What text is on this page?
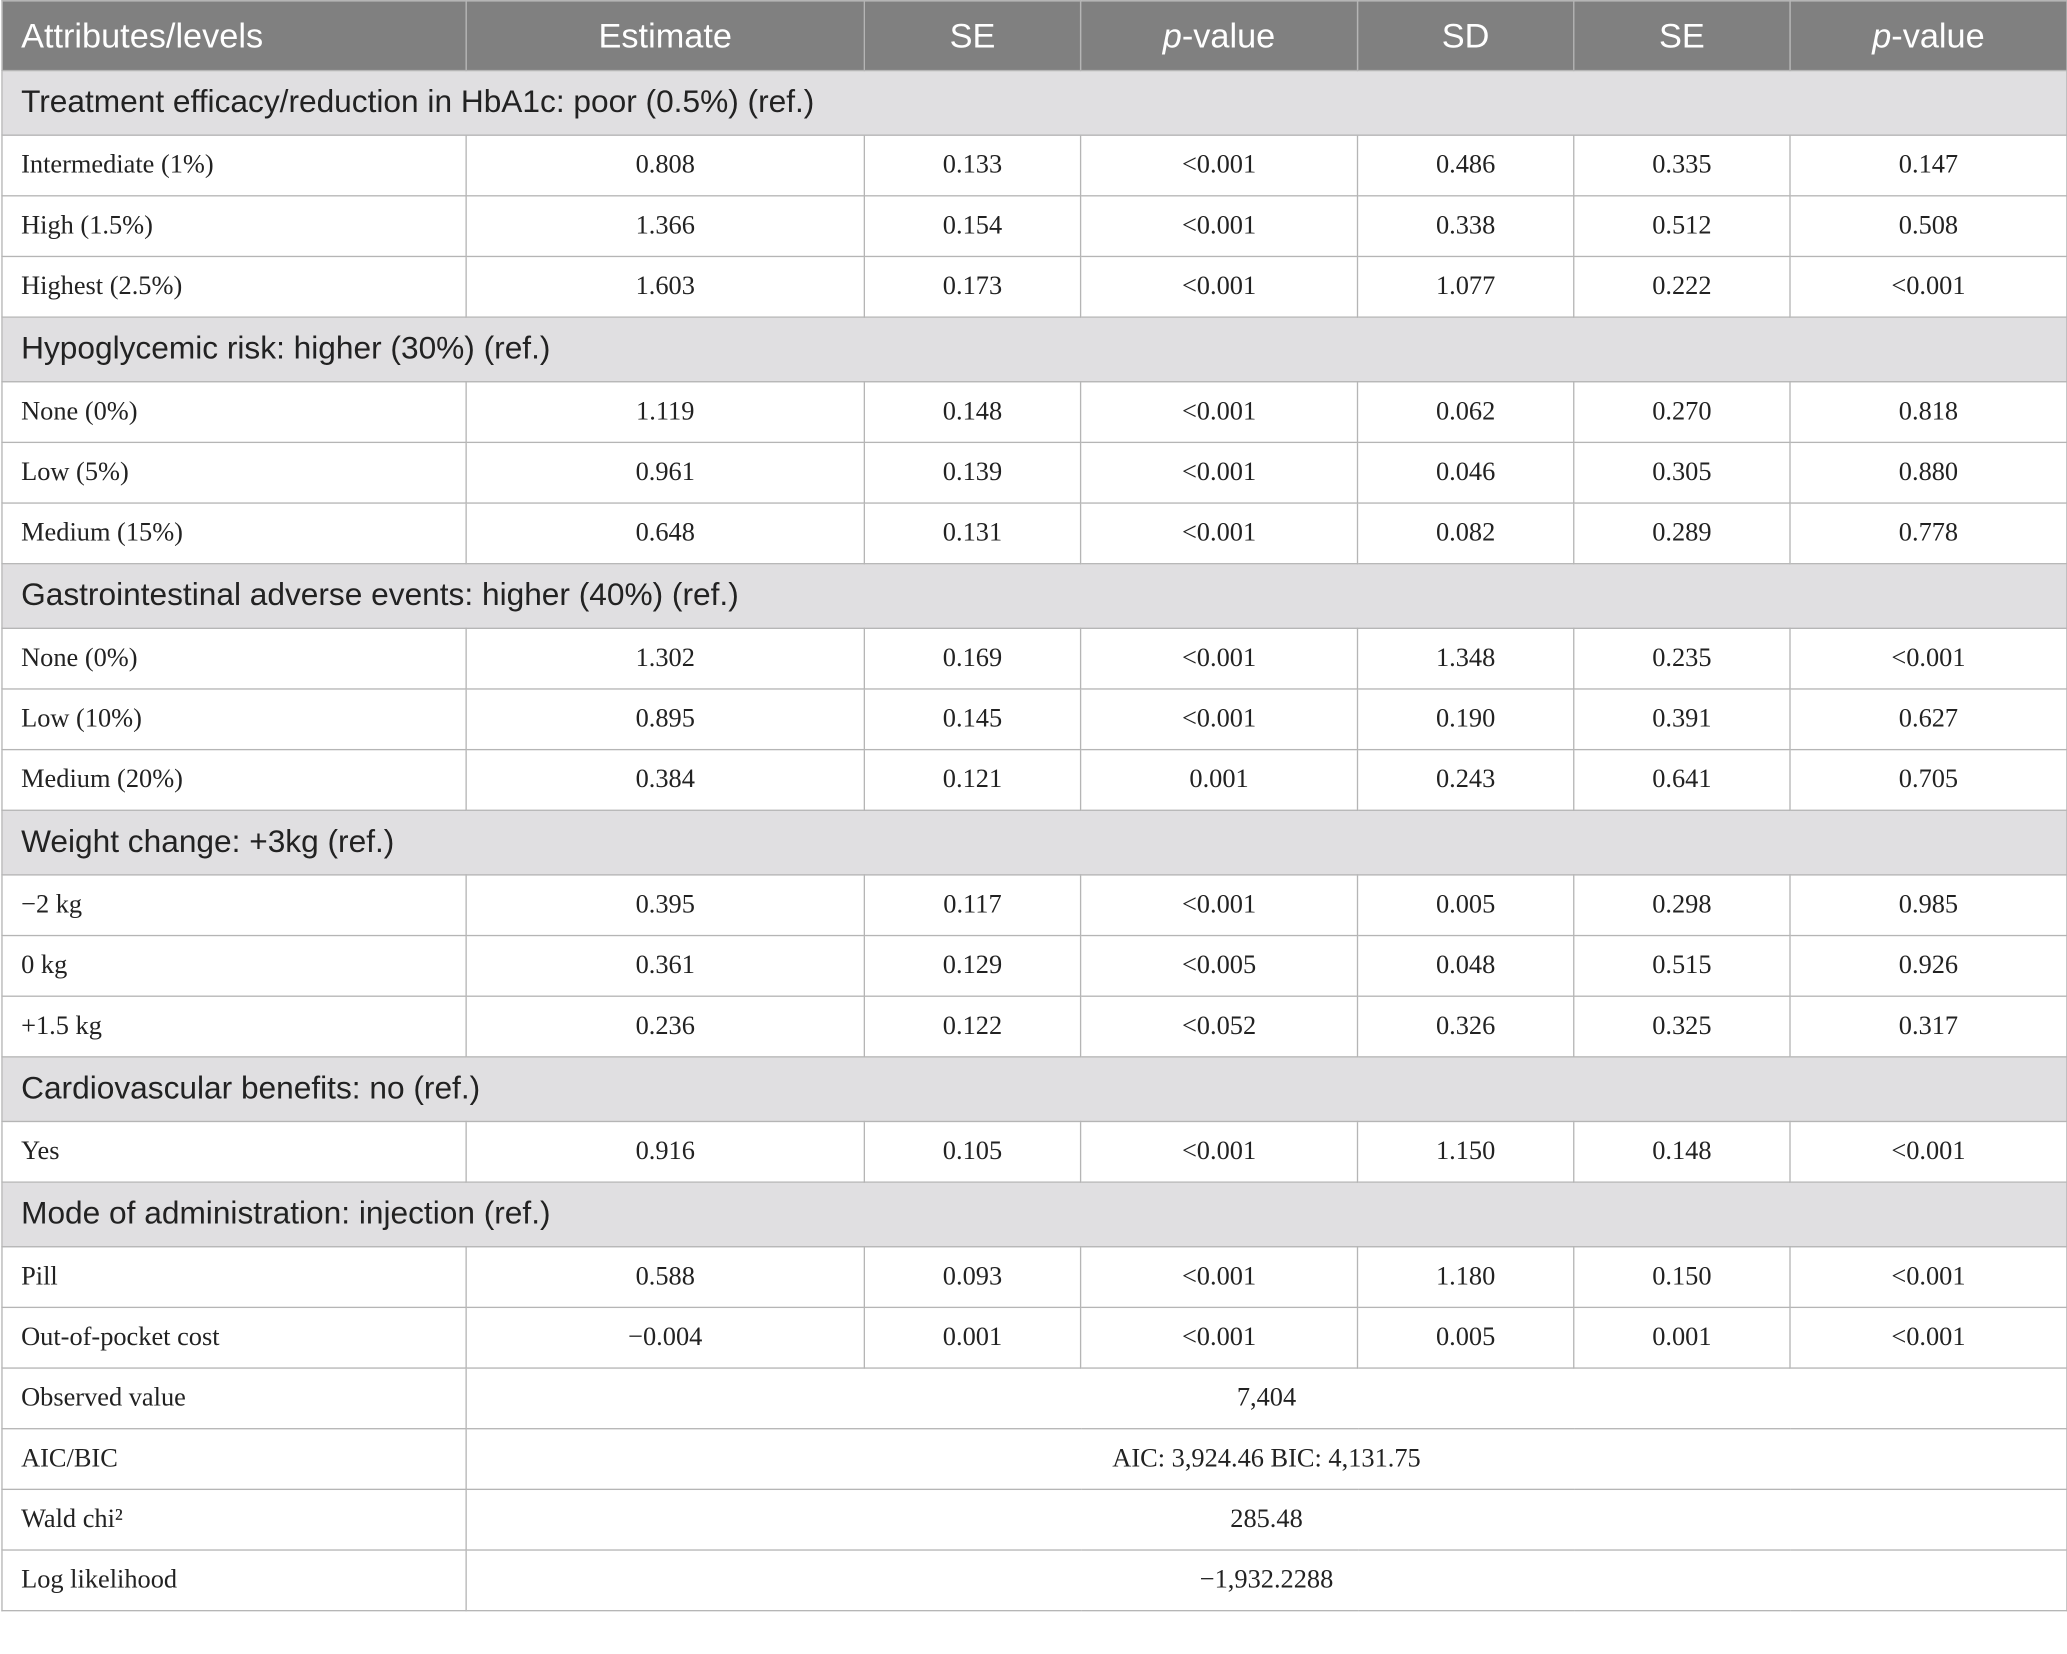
Attributes/levels	Estimate	SE	p-value	SD	SE	p-value
Treatment efficacy/reduction in HbA1c: poor (0.5%) (ref.)						
Intermediate (1%)	0.808	0.133	<0.001	0.486	0.335	0.147
High (1.5%)	1.366	0.154	<0.001	0.338	0.512	0.508
Highest (2.5%)	1.603	0.173	<0.001	1.077	0.222	<0.001
Hypoglycemic risk: higher (30%) (ref.)						
None (0%)	1.119	0.148	<0.001	0.062	0.270	0.818
Low (5%)	0.961	0.139	<0.001	0.046	0.305	0.880
Medium (15%)	0.648	0.131	<0.001	0.082	0.289	0.778
Gastrointestinal adverse events: higher (40%) (ref.)						
None (0%)	1.302	0.169	<0.001	1.348	0.235	<0.001
Low (10%)	0.895	0.145	<0.001	0.190	0.391	0.627
Medium (20%)	0.384	0.121	0.001	0.243	0.641	0.705
Weight change: +3kg (ref.)						
−2 kg	0.395	0.117	<0.001	0.005	0.298	0.985
0 kg	0.361	0.129	<0.005	0.048	0.515	0.926
+1.5 kg	0.236	0.122	<0.052	0.326	0.325	0.317
Cardiovascular benefits: no (ref.)						
Yes	0.916	0.105	<0.001	1.150	0.148	<0.001
Mode of administration: injection (ref.)						
Pill	0.588	0.093	<0.001	1.180	0.150	<0.001
Out-of-pocket cost	−0.004	0.001	<0.001	0.005	0.001	<0.001
Observed value	7,404					
AIC/BIC	AIC: 3,924.46 BIC: 4,131.75					
Wald chi²	285.48					
Log likelihood	−1,932.2288					
